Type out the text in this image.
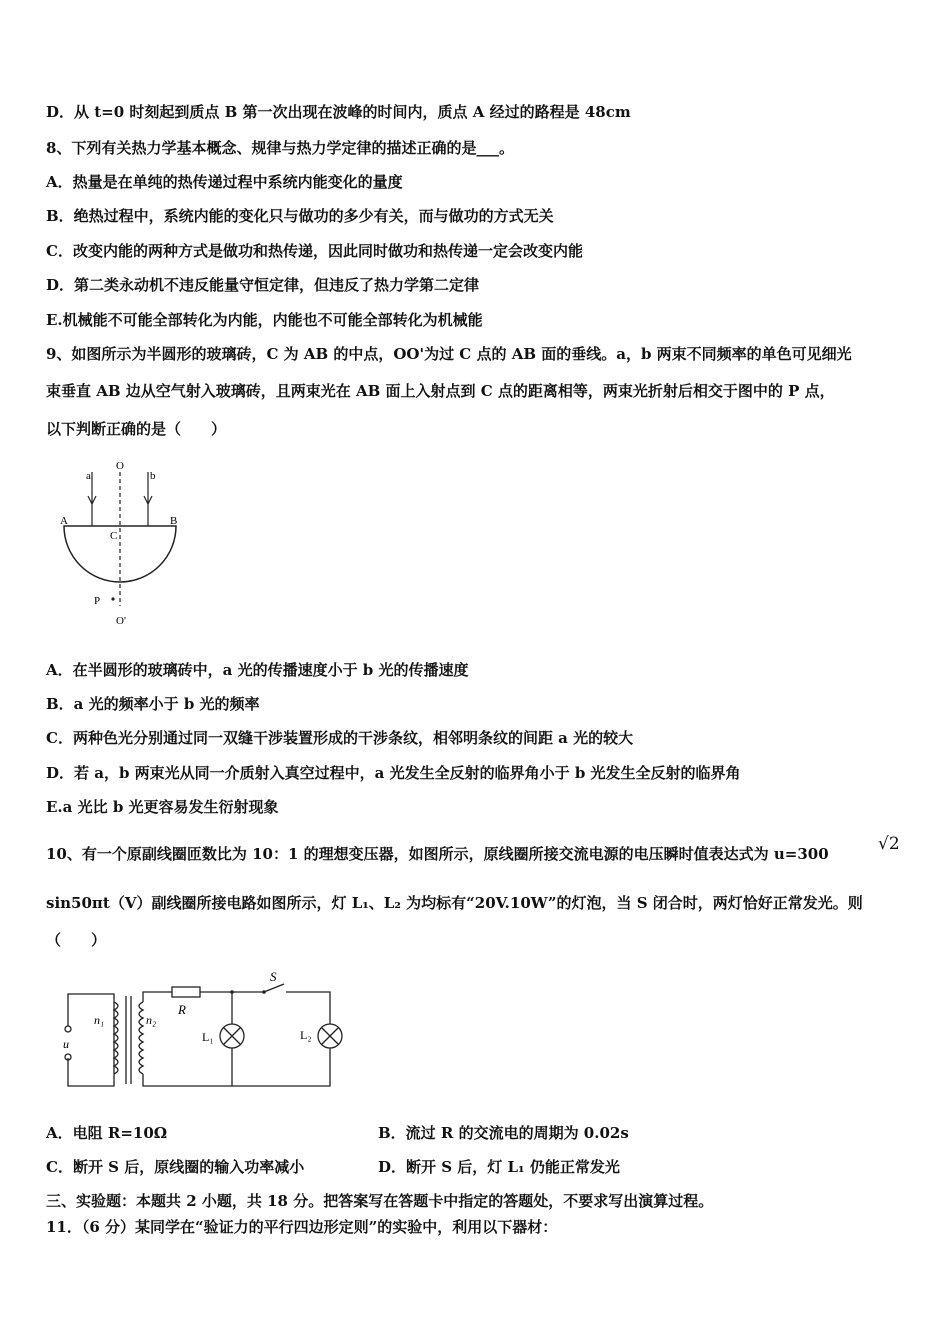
D．从 t=0 时刻起到质点 B 第一次出现在波峰的时间内，质点 A 经过的路程是 48cm
8、下列有关热力学基本概念、规律与热力学定律的描述正确的是___。
A．热量是在单纯的热传递过程中系统内能变化的量度
B．绝热过程中，系统内能的变化只与做功的多少有关，而与做功的方式无关
C．改变内能的两种方式是做功和热传递，因此同时做功和热传递一定会改变内能
D．第二类永动机不违反能量守恒定律，但违反了热力学第二定律
E.机械能不可能全部转化为内能，内能也不可能全部转化为机械能
9、如图所示为半圆形的玻璃砖，C 为 AB 的中点，OO'为过 C 点的 AB 面的垂线。a，b 两束不同频率的单色可见细光
束垂直 AB 边从空气射入玻璃砖，且两束光在 AB 面上入射点到 C 点的距离相等，两束光折射后相交于图中的 P 点，
以下判断正确的是（　　）
a
O
b
A	B
C
P
O'
A．在半圆形的玻璃砖中，a 光的传播速度小于 b 光的传播速度
B．a 光的频率小于 b 光的频率
C．两种色光分别通过同一双缝干涉装置形成的干涉条纹，相邻明条纹的间距 a 光的较大
D．若 a，b 两束光从同一介质射入真空过程中，a 光发生全反射的临界角小于 b 光发生全反射的临界角
E.a 光比 b 光更容易发生衍射现象
10、有一个原副线圈匝数比为 10：1 的理想变压器，如图所示，原线圈所接交流电源的电压瞬时值表达式为 u=300	√2
sin50πt（V）副线圈所接电路如图所示，灯 L₁、L₂ 为均标有“20V.10W”的灯泡，当 S 闭合时，两灯恰好正常发光。则
（　　）
S
R
n₁	n₂
u	L₁	L₂
A．电阻 R=10Ω	B．流过 R 的交流电的周期为 0.02s
C．断开 S 后，原线圈的输入功率减小	D．断开 S 后，灯 L₁ 仍能正常发光
三、实验题：本题共 2 小题，共 18 分。把答案写在答题卡中指定的答题处，不要求写出演算过程。
11．（6 分）某同学在“验证力的平行四边形定则”的实验中，利用以下器材：
